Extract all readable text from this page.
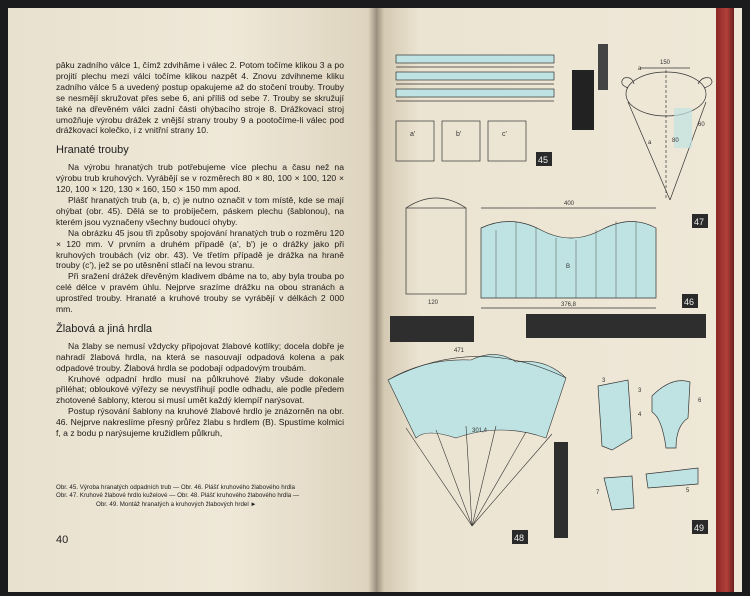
pâku zadního válce 1, čímž zdvihâme i válec 2. Potom točíme klikou 3 a po projití plechu mezi válci točíme klikou nazpět 4. Znovu zdvihneme kliku zadního válce 5 a uvedený postup opakujeme až do stočení trouby. Trouby se nesmějí skružovat přes sebe 6, ani příliš od sebe 7. Trouby se skružují také na dřevěném válci zadní části ohýbacího stroje 8. Drážkovací stroj umožňuje výrobu drážek z vnější strany trouby 9 a pootočíme-li válec pod drážkovací kolečko, i z vnitřní strany 10.

Hranaté trouby

Na výrobu hranatých trub potřebujeme více plechu a času než na výrobu trub kruhových. Vyrábějí se v rozměrech 80 × 80, 100 × 100, 120 × 120, 100 × 120, 130 × 160, 150 × 150 mm apod.

Plášť hranatých trub (a, b, c) je nutno označit v tom místě, kde se mají ohýbat (obr. 45). Dělá se to probíječem, páskem plechu (šablonou), na kterém jsou vyznačeny všechny budoucí ohyby.

Na obrázku 45 jsou tři způsoby spojování hranatých trub o rozměru 120 × 120 mm. V prvním a druhém případě (a', b') je o drážky jako při kruhových troubách (viz obr. 43). Ve třetím případě je drážka na hraně trouby (c'), jež se po utěsnění stlačí na levou stranu.

Při sražení drážek dřevěným kladivem dbáme na to, aby byla trouba po celé délce v pravém úhlu. Nejprve srazíme drážku na obou stranách a uprostřed trouby. Hranaté a kruhové trouby se vyrábějí v délkách 2 000 mm.

Žlabová a jiná hrdla

Na žlaby se nemusí vždycky připojovat žlabové kotlíky; docela dobře je nahradí žlabová hrdla, na která se nasouvají odpadová kolena a pak odpadové trouby. Žlabová hrdla se podobají odpadovým troubám.

Kruhové odpadní hrdlo musí na půlkruhové žlaby všude dokonale přiléhat; obloukové výřezy se nevystřihují podle odhadu, ale podle předem zhotovené šablony, kterou si musí umět každý klempíř narýsovat.

Postup rýsování šablony na kruhové žlabové hrdlo je znázorněn na obr. 46. Nejprve nakreslíme přesný průřez žlabu s hrdlem (B). Spustíme kolmici f, a z bodu p narýsujeme kružidlem půlkruh,

Obr. 45. Výroba hranatých odpadních trub — Obr. 46. Plášť kruhového žlabového hrdla
Obr. 47. Kruhové žlabové hrdlo kuželové — Obr. 48. Plášť kruhového žlabového hrdla —
Obr. 49. Montáž hranatých a kruhových žlabových hrdel ►
40
a'	b'	c'
150
80
60
a
a
400
376,8
120
B
471
301,4
3
3
4
6
7	5
45
47
46
48
49
